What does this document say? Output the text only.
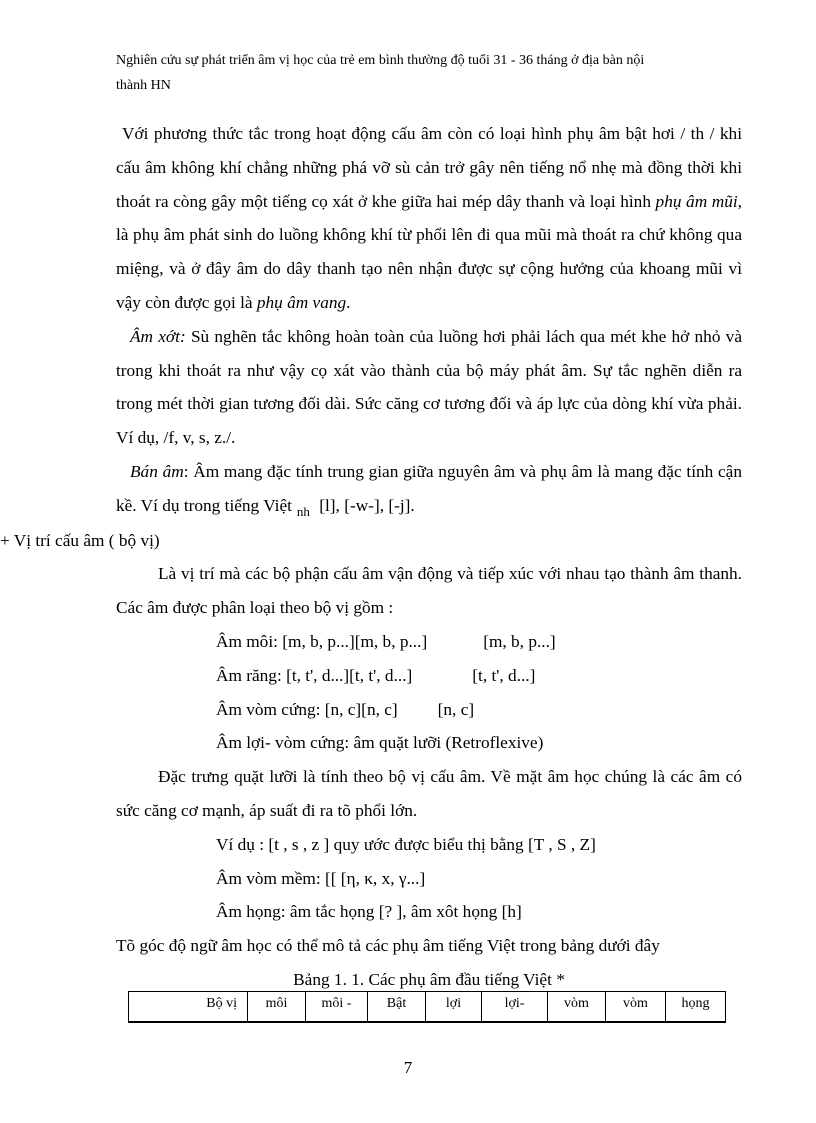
Nghiên cứu sự phát triển âm vị học của trẻ em bình thường độ tuổi 31 - 36 tháng ở địa bàn nội
thành HN

Với phương thức tắc trong hoạt động cấu âm còn có loại hình phụ âm bật hơi / th / khi cấu âm không khí chẳng những phá vỡ sù cản trở gây nên tiếng nổ nhẹ mà đồng thời khi thoát ra còng gây một tiếng cọ xát ở khe giữa hai mép dây thanh và loại hình phụ âm mũi, là phụ âm phát sinh do luồng không khí từ phổi lên đi qua mũi mà thoát ra chứ không qua miệng, và ở đây âm do dây thanh tạo nên nhận được sự cộng hưởng của khoang mũi vì vậy còn được gọi là phụ âm vang.

Âm xớt: Sù nghẽn tắc không hoàn toàn của luồng hơi phải lách qua mét khe hở nhỏ và trong khi thoát ra như vậy cọ xát vào thành của bộ máy phát âm. Sự tắc nghẽn diễn ra trong mét thời gian tương đối dài. Sức căng cơ tương đối và áp lực của dòng khí vừa phải. Ví dụ, /f, v, s, z./.

Bán âm: Âm mang đặc tính trung gian giữa nguyên âm và phụ âm là mang đặc tính cận kề. Ví dụ trong tiếng Việt $_{nh}$ [l], [-w-], [-j].

+ Vị trí cấu âm ( bộ vị)

Là vị trí mà các bộ phận cấu âm vận động và tiếp xúc với nhau tạo thành âm thanh. Các âm được phân loại theo bộ vị gồm :

Âm môi: [m, b, p...][m, b, p...]	[m, b, p...]

Âm răng: [t, t', d...][t, t', d...]	[t, t', d...]

Âm vòm cứng: [n, c][n, c] [n, c]

Âm lợi- vòm cứng: âm quặt lưỡi (Retroflexive)

Đặc trưng quặt lưỡi là tính theo bộ vị cấu âm. Về mặt âm học chúng là các âm có sức căng cơ mạnh, áp suất đi ra tõ phổi lớn.

Ví dụ : [t , s , z ] quy ước được biểu thị bằng [T , S , Z]

Âm vòm mềm: [[ [η, κ, x, γ...]

Âm họng: âm tắc họng [? ], âm xôt họng [h]

Tõ góc độ ngữ âm học có thể mô tả các phụ âm tiếng Việt trong bảng dưới đây

Bảng 1. 1. Các phụ âm đầu tiếng Việt *

Bộ vị	môi	môi -	Bật	lợi	lợi-	vòm	vòm	họng
7
